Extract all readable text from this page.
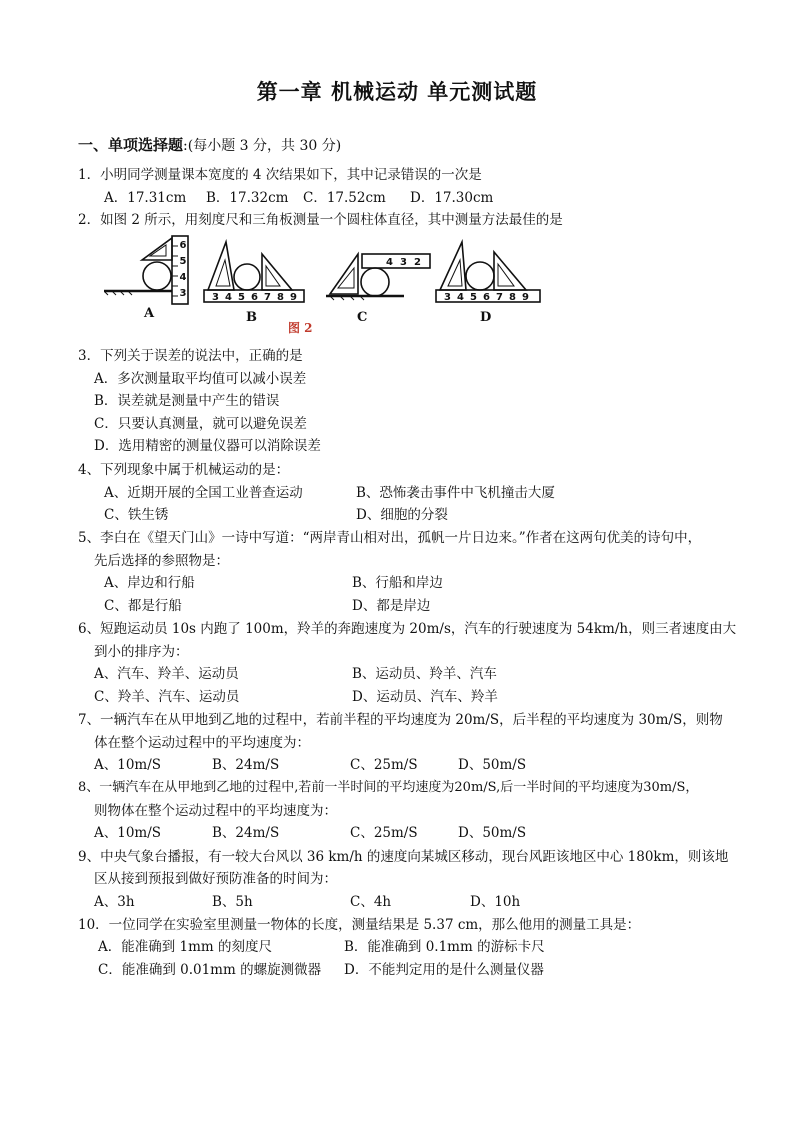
第一章 机械运动 单元测试题
一、单项选择题:(每小题 3 分，共 30 分)
1．小明同学测量课本宽度的 4 次结果如下，其中记录错误的一次是
A．17.31cm B．17.32cm C．17.52cm D．17.30cm
2．如图 2 所示，用刻度尺和三角板测量一个圆柱体直径，其中测量方法最佳的是
6
5
4
3	3 4 5 6 7 8 9
4 3 2
3 4 5 6 7 8 9
A	B	C	D
图 2
3．下列关于误差的说法中，正确的是
A．多次测量取平均值可以减小误差
B．误差就是测量中产生的错误
C．只要认真测量，就可以避免误差
D．选用精密的测量仪器可以消除误差
4、下列现象中属于机械运动的是：
A、近期开展的全国工业普查运动	B、恐怖袭击事件中飞机撞击大厦
C、铁生锈	D、细胞的分裂
5、李白在《望天门山》一诗中写道：“两岸青山相对出，孤帆一片日边来。”作者在这两句优美的诗句中，
先后选择的参照物是：
A、岸边和行船	B、行船和岸边
C、都是行船	D、都是岸边
6、短跑运动员 10s 内跑了 100m，羚羊的奔跑速度为 20m/s，汽车的行驶速度为 54km/h，则三者速度由大
到小的排序为：
A、汽车、羚羊、运动员	B、运动员、羚羊、汽车
C、羚羊、汽车、运动员	D、运动员、汽车、羚羊
7、一辆汽车在从甲地到乙地的过程中，若前半程的平均速度为 20m/S，后半程的平均速度为 30m/S，则物
体在整个运动过程中的平均速度为：
A、10m/S	B、24m/S	C、25m/S	D、50m/S
8、一辆汽车在从甲地到乙地的过程中,若前一半时间的平均速度为20m/S,后一半时间的平均速度为30m/S，
则物体在整个运动过程中的平均速度为：
A、10m/S	B、24m/S	C、25m/S	D、50m/S
9、中央气象台播报，有一较大台风以 36 km/h 的速度向某城区移动，现台风距该地区中心 180km，则该地
区从接到预报到做好预防准备的时间为：
A、3h	B、5h	C、4h	D、10h
10．一位同学在实验室里测量一物体的长度，测量结果是 5.37 cm，那么他用的测量工具是：
A．能准确到 1mm 的刻度尺	B．能准确到 0.1mm 的游标卡尺
C．能准确到 0.01mm 的螺旋测微器 D．不能判定用的是什么测量仪器
